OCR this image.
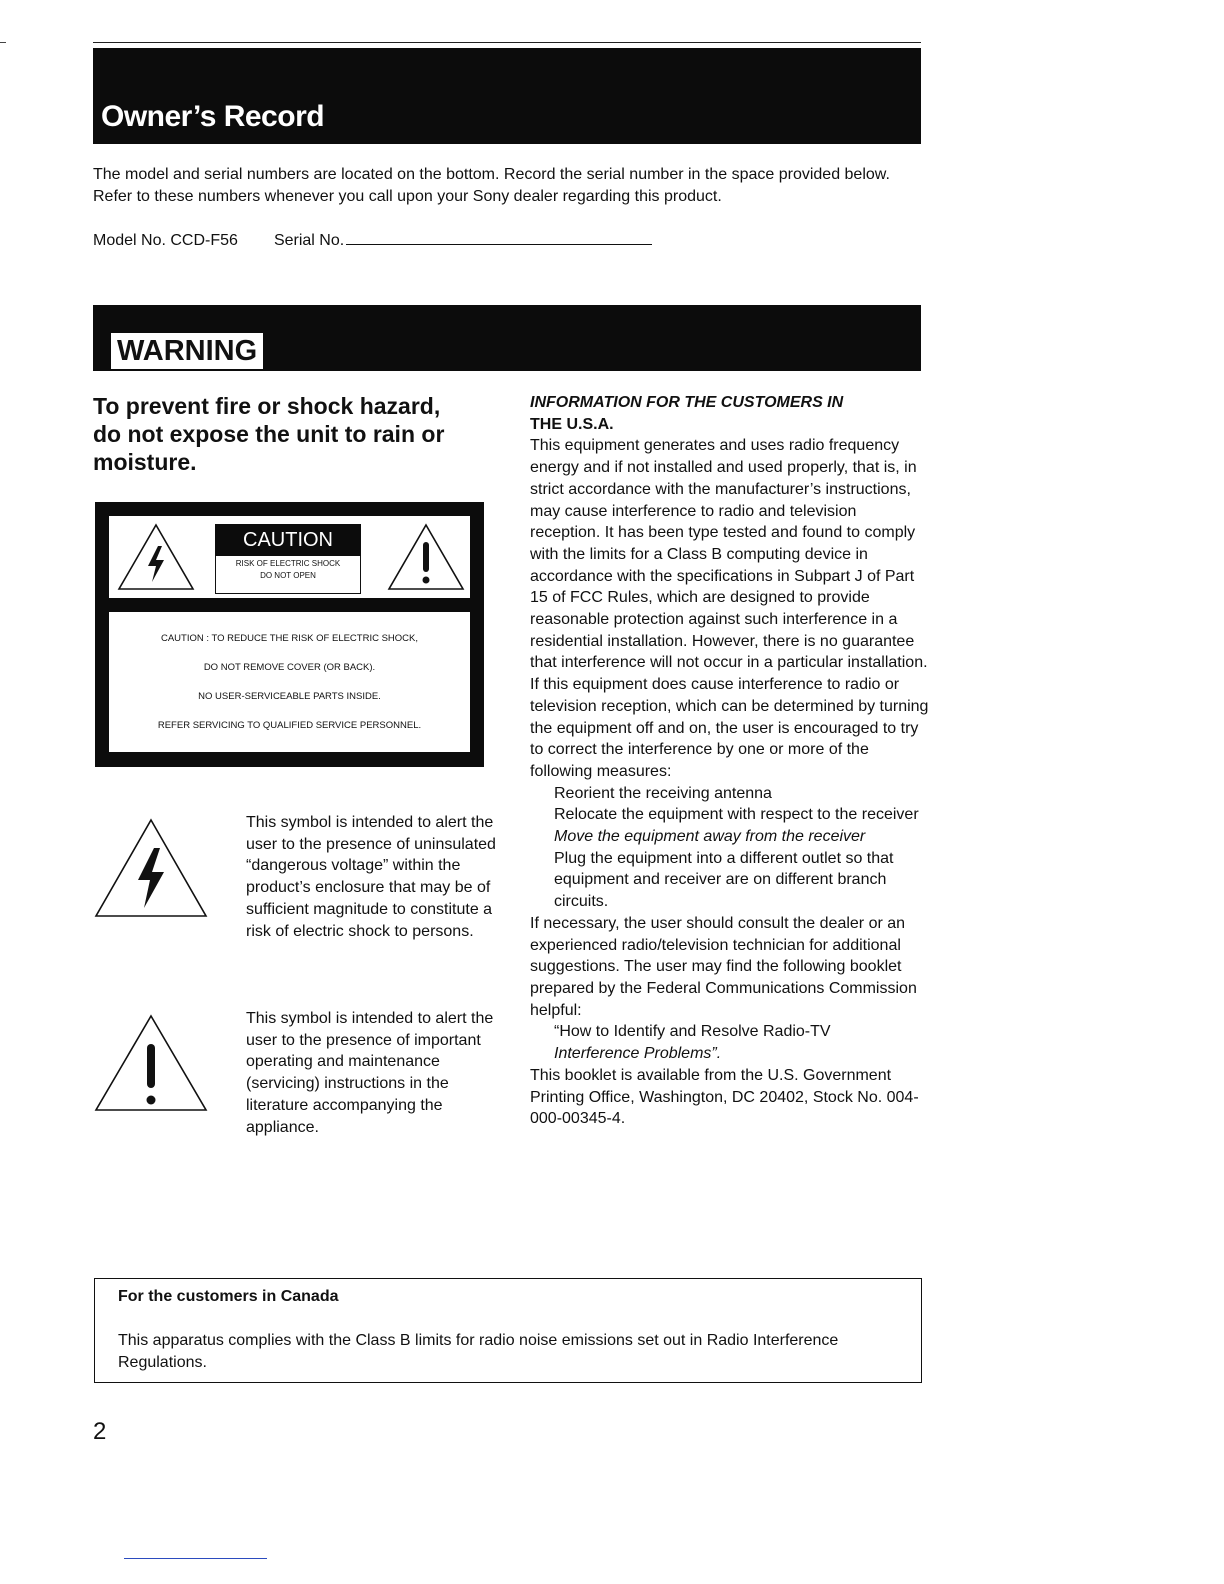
Owner’s Record
The model and serial numbers are located on the bottom. Record the serial number in the space provided below. Refer to these numbers whenever you call upon your Sony dealer regarding this product.
Model No. CCD-F56 Serial No.
WARNING
To prevent fire or shock hazard, do not expose the unit to rain or moisture.
CAUTION
RISK OF ELECTRIC SHOCK
DO NOT OPEN
CAUTION : TO REDUCE THE RISK OF ELECTRIC SHOCK,
DO NOT REMOVE COVER (OR BACK).
NO USER-SERVICEABLE PARTS INSIDE.
REFER SERVICING TO QUALIFIED SERVICE PERSONNEL.
This symbol is intended to alert the user to the presence of uninsulated “dangerous voltage” within the product’s enclosure that may be of sufficient magnitude to constitute a risk of electric shock to persons.
This symbol is intended to alert the user to the presence of important operating and maintenance (servicing) instructions in the literature accompanying the appliance.
INFORMATION FOR THE CUSTOMERS IN
THE U.S.A.
This equipment generates and uses radio frequency energy and if not installed and used properly, that is, in strict accordance with the manufacturer’s instructions, may cause interference to radio and television reception. It has been type tested and found to comply with the limits for a Class B computing device in accordance with the specifications in Subpart J of Part 15 of FCC Rules, which are designed to provide reasonable protection against such interference in a residential installation. However, there is no guarantee that interference will not occur in a particular installation. If this equipment does cause interference to radio or television reception, which can be determined by turning the equipment off and on, the user is encouraged to try to correct the interference by one or more of the following measures:
Reorient the receiving antenna
Relocate the equipment with respect to the receiver
Move the equipment away from the receiver
Plug the equipment into a different outlet so that equipment and receiver are on different branch circuits.
If necessary, the user should consult the dealer or an experienced radio/television technician for additional suggestions. The user may find the following booklet prepared by the Federal Communications Commission helpful:
“How to Identify and Resolve Radio-TV
Interference Problems”.
This booklet is available from the U.S. Government Printing Office, Washington, DC 20402, Stock No. 004-000-00345-4.
For the customers in Canada
This apparatus complies with the Class B limits for radio noise emissions set out in Radio Interference Regulations.
2
